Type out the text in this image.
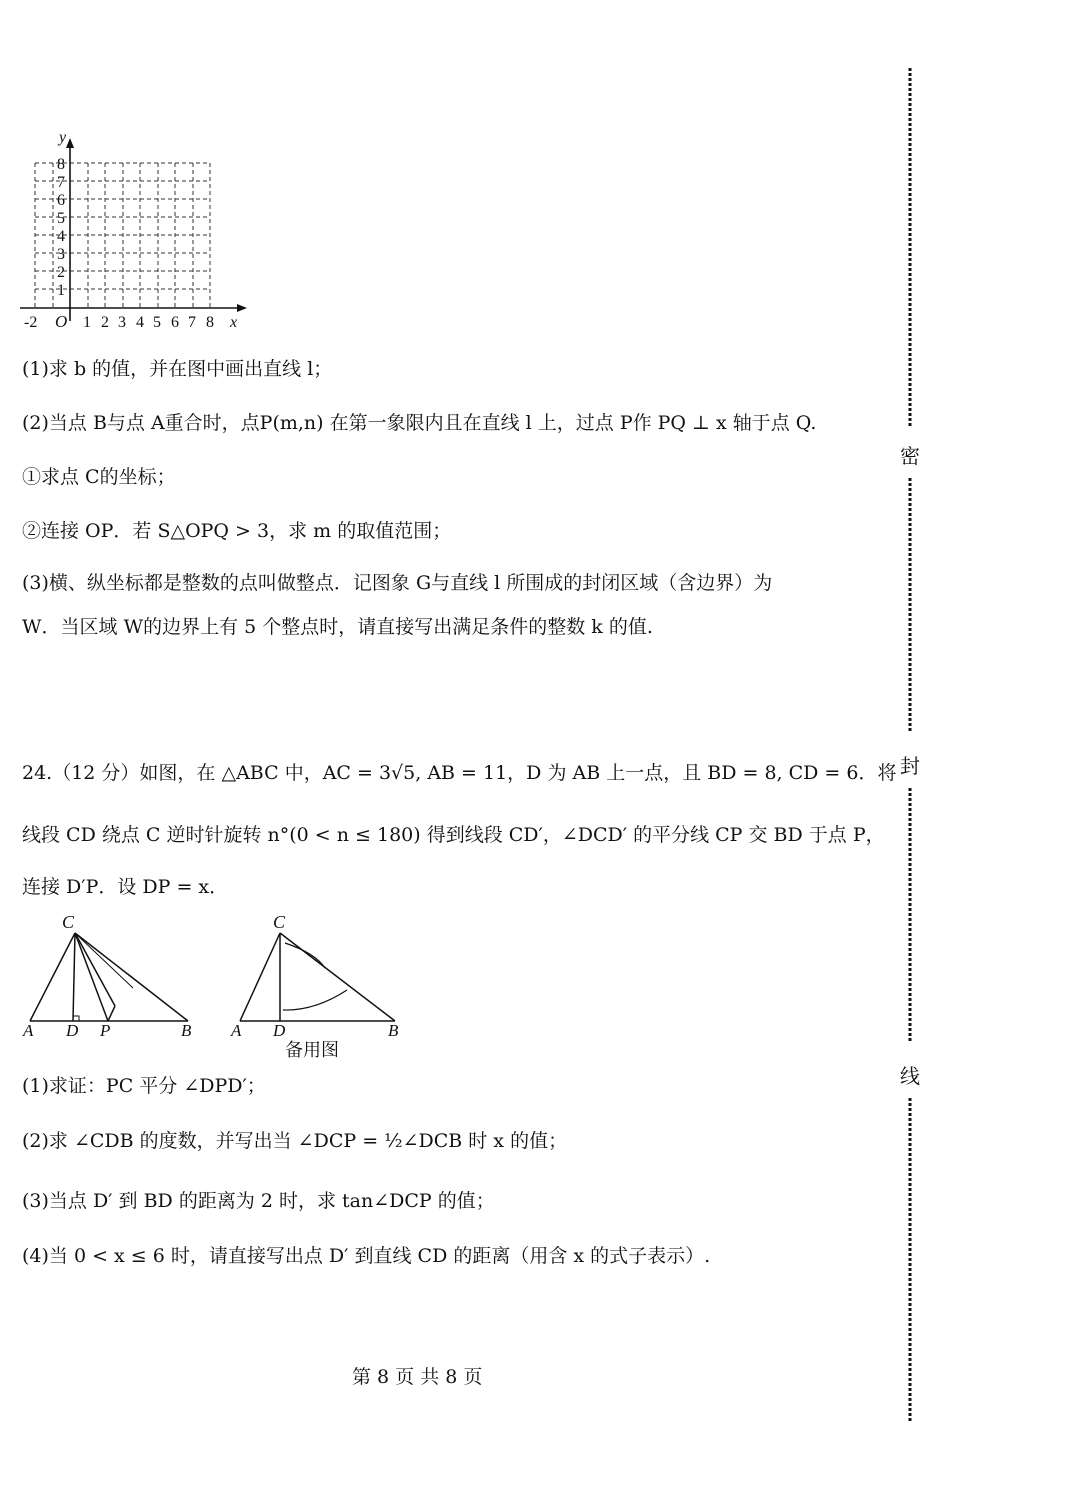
y
x
O
-2	1 2 3 4 5 6 7 8
1
2
3
4
5
6
7
8
(1)求 b 的值，并在图中画出直线 l；
(2)当点 B与点 A重合时，点P(m,n) 在第一象限内且在直线 l 上，过点 P作 PQ ⊥ x 轴于点 Q.
①求点 C的坐标；
②连接 OP．若 S△OPQ > 3，求 m 的取值范围；
(3)横、纵坐标都是整数的点叫做整点．记图象 G与直线 l 所围成的封闭区域（含边界）为
W．当区域 W的边界上有 5 个整点时，请直接写出满足条件的整数 k 的值.
24.（12 分）如图，在 △ABC 中，AC = 3√5, AB = 11，D 为 AB 上一点，且 BD = 8, CD = 6．将
线段 CD 绕点 C 逆时针旋转 n°(0 < n ≤ 180) 得到线段 CD′，∠DCD′ 的平分线 CP 交 BD 于点 P，
连接 D′P．设 DP = x．
C
A D P	B
C
A D	B
备用图
(1)求证：PC 平分 ∠DPD′；
(2)求 ∠CDB 的度数，并写出当 ∠DCP = ½∠DCB 时 x 的值；
(3)当点 D′ 到 BD 的距离为 2 时，求 tan∠DCP 的值；
(4)当 0 < x ≤ 6 时，请直接写出点 D′ 到直线 CD 的距离（用含 x 的式子表示）.
第 8 页 共 8 页
密
封
线
